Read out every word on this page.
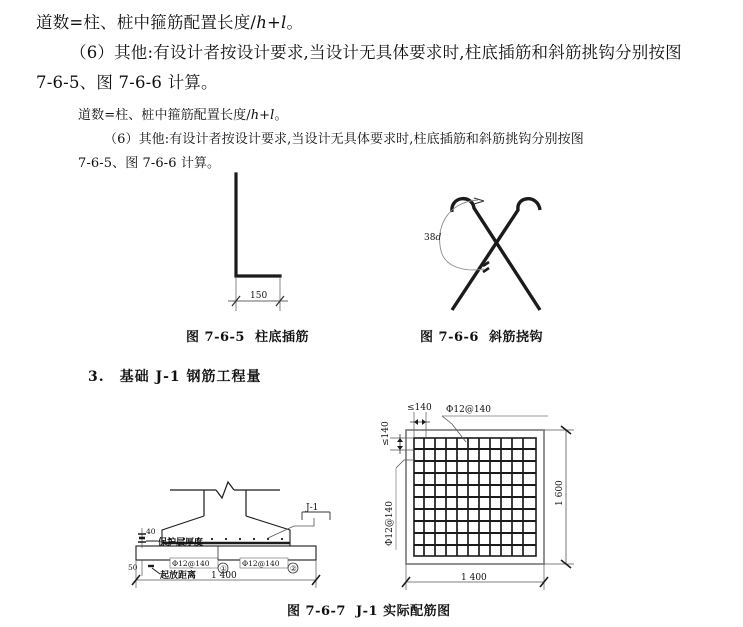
道数=柱、桩中箍筋配置长度/h+l。
（6）其他:有设计者按设计要求,当设计无具体要求时,柱底插筋和斜筋挑钩分别按图
7-6-5、图 7-6-6 计算。
道数=柱、桩中箍筋配置长度/h+l。
（6）其他:有设计者按设计要求,当设计无具体要求时,柱底插筋和斜筋挑钩分别按图
7-6-5、图 7-6-6 计算。
150
图 7-6-5 柱底插筋
38d
图 7-6-6 斜筋挠钩
3.　基础 J-1 钢筋工程量
J-1
40
保护层厚度
50
起放距离
Φ12@140
①
Φ12@140
②
1 400
≤140 Φ12@140
≤140
Φ12@140
1 600
1 400
图 7-6-7 J-1 实际配筋图
